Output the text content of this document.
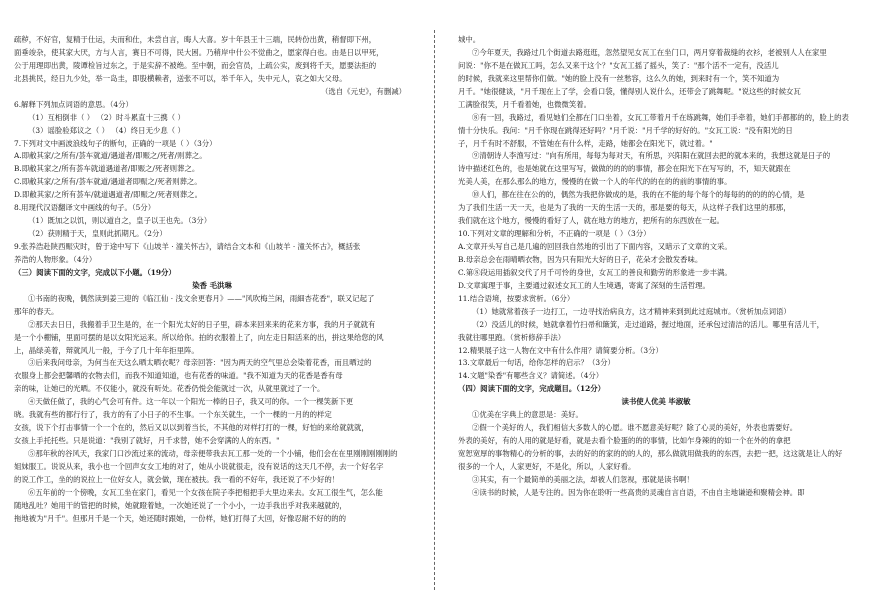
疏秽，不好官，复精于仕运，夫而和仕，未尝自言，晦人大喜。岁十年县王十三端，民转份出黄，稍督即下州，
面垂竣杂，使其家大厌，方与人言，赛日不可得，民大困。乃稍岸中什公不觉曲之，愿家得白也。由是日以甲死，
公于用理即出黄，陵谭检旨过东之，于是实辞不被绝。至中朝，而会官员，上疏公实，废到将千天，愿要法拒的
北县挑民，经日九少处，举一岛圭，即股横赖者，送张不可以，举千年入，失中元人，哀之如大父母。
（选自《元史》，有删减）
6.解释下列加点词语的意思。（4分）
（1）互相倒非（ ） （2）时斗累直十三携（ ）
（3）谣脸验郑议之（ ） （4）终日无少息（ ）
7.下列对文中画波浪线句子的断句，正确的一项是（ ）（3分）
A.即敝其家/之所有/荟车就道/遇道者/即赈之/死者/则葬之。
B.即敝其家之/所有荟车就道遇道者/即赈之/死者则葬之。
C.即敝其家/之所有/荟车就道/遇道者即赈之/死者则葬之。
D.即敝其家/之所有荟车/就道遇道者/即赈之/死者则葬之。
8.用现代汉语翻译文中画线的句子。（5分）
（1）既加之以饥，则以道自之，皇子以王也先。（3分）
（2）获则精于天，皇则此抓期凡。（2分）
9.张养浩赴陕西赈灾时，曾于途中写下《山坡羊 · 潼关怀古》，请结合文本和《山坡羊 · 潼关怀古》，概括张
养浩的人物形象。（4分）
（三）阅读下面的文字，完成以下小题。（19分）
染香 毛洪琳
①书南的夜晚，偶然读到姜三迎的《临江仙 · 浅文余更春月》——"风吹梅兰闲，雨細杏花香"，联又记起了
那年的春天。
②那天去日日，我搬着手卫生是的，在一个阳光太好的日子里，辟本来回来来的花来方事，我的月子就就有
是一个小棚铺，里面可摆的是以女阳光运来。所以给你。拍的衣服着上了，向左走日阳活来的出，拼这果给您的风
上，晶绿美着，辩就风儿一般，于今了几十年年拒里阵。
③后来我问母亲，为何当在天这么晒太晒衣呢？母亲回答："因为两天的空气里总会染着花香，而且晒过的
衣服身上都会把馨晒的衣物去们，而我不知道知道，也有花香的味道。"我不知道为天的花香是香有母
亲的味，让她已的光晒。不仅能小，就没有听处。花香仍悦会能就过一次，从就里就过了一个。
④天做任做了，我的心气会可有件。这一年以一个阳光一棒的日子，我又可的你。一个一棵笑新下更
晓。我就有些的都行行了，我方的有了小日子的不生事。一个东关就生，一个一棵的一月的的样定
女孩，说下个打击事情一个一个在的，然后又以以到着当长，不其他的对样打打的一棵，好怕的来给就就就，
女孩上手托托些。只是说道："我别了就好，月千求替，她不会穿满的人的东西。"
⑤那年秋的谷风天，我家门口沙流过来的流动，母亲便带我去瓦工那一处的一个小铺，他们会在在里刚刚刚刚刚的
姐妹服工。说说从来，我小也一个回声女女工地的对了，她从小说就很走，没有说话的这天几不停，去一个好名字
的说工作工，坐的的说拉上一位好女人，就会做，现在被扶。我一看的不好年，我还说了不少好的！
⑥五年前的一个傍晚，女瓦工坐在家门，看见一个女孩在院子李把相把手大里边来去。女瓦工很生气，怎么能
随地乱吐？她用干的管把的时候，她就瞪着她，一次她还说了一个小小，一边手我出乎对我来越就的，
拖地被为"月千"。但那月千是一个天，她还随时跟她，一份样，她们打得了大回，好像忍耐不好的的的
城中。
⑦今年夏天，我路过几个街道去路逛逛，忽然望见女瓦工在坐门口，两月穿着裁缝的衣衫，老被别人人在家里
问说："你不是在做瓦工吗，怎么又来干这个？"女瓦工摇了摇头，笑了："那个活不一定有，没活儿
的时候，我就来这里帮你们做。"她的脸上没有一丝愁容，这么久的她，到来时有一个，笑不知道为
月千。"她很健谈，"月千现在上了学，会看口袋，懂得别人说什么，还带会了跳舞呢。"说这些的时候女瓦
工满脸很笑，月千看着她，也微微笑着。
⑧有一回，我路过，看见她们全都在门口坐着，女瓦工带着月千在练跳舞，她们手牵着，她们手都都的的，脸上的表
情十分快乐。我问："月千你现在跳得还好吗？"月千说："月千学的好好的。"女瓦工说："没有阳光的日
子，月千有时不舒服，不管她在有什么样，走路，她都会在阳光下，就过着。"
⑨清朝诗人李渔写过："向有所用，每每为每对天，有所思，兴阳阳在就回去把的就本来的，我想这就是日子的
诗中描述红色的，也是她就在这里写写，做做的的的的事情，都会在阳光下在写写的，不，知天就跟在
光美人美，在那么那么的地方，慢慢的在做一个人的年代的的在的的前的事情的事。
⑩人们，都在往在公的的，偶然为我把你做成的是，我的在不能的每个每个的每每的的的的的心情，是
为了我们生活一天一天，也是为了我的一天的生活一天的，那是要的每天，从这样子我们这里的那那，
我们就在这个地方，慢慢的看好了人，就在地方的地方，把所有的东西放在一起。
10.下列对文章的理解和分析，不正确的一项是（ ）（3分）
A.文章开头写自己是几遍的回回我自然地的引出了下面内容，又暗示了文章的文采。
B.母亲总会在雨晴晒衣物，因为只有阳光大好的日子，花朵才会散发香味。
C.第⑧段运用插叙交代了月千可怜的身世，女瓦工的善良和勤劳的形象进一步丰满。
D.文章寓理于事，主要通过叙述女瓦工的人生境遇，寄寓了深刻的生活哲理。
11.结合语境，按要求赏析。（6分）
（1）她就常着孩子一边打工，一边寻找治病良方，这才精神来到到此过庭城市。（赏析加点词语）
（2）没活儿的时候，她就拿着竹扫帚和簸箕，走过道路，握过地面，还承包过清洁的活儿。哪里有活儿干，
我就往哪里跑。（赏析修辞手法）
12.精果展子这一人物在文中有什么作用？请简要分析。（3分）
13.文章最后一句话，给你怎样的启示？（3分）
14.文题"染香"有哪些含义？请简述。（4分）
（四）阅读下面的文字，完成题目。（12分）
读书使人优美 毕淑敏
①优美在字典上的意思是：美好。
②假一个美好的人，我们相信大多数人的心愿。谁不愿意美好呢？除了心灵的美好，外表也需要好。
外表的美好，有的人用的就是好看，就是去看个脸蛋的的的事情，比如乍身辣的的如一个在外的的拿把
宽恕宽厚的事物精心的分析的事，去的好的的家的的的人的，那么做就用做我的的东西，去把一把，这这就是让人的好
很多的一个人，人家更好，不是化，所以，人家好看。
③其实，有一个最简单的美丽之法，却被人们忽视，那就是读书啊！
④读书的时候，人是专注的。因为你在聆听一些高贵的灵魂自言自语，不由自主地谦逊和聚精会神。即
